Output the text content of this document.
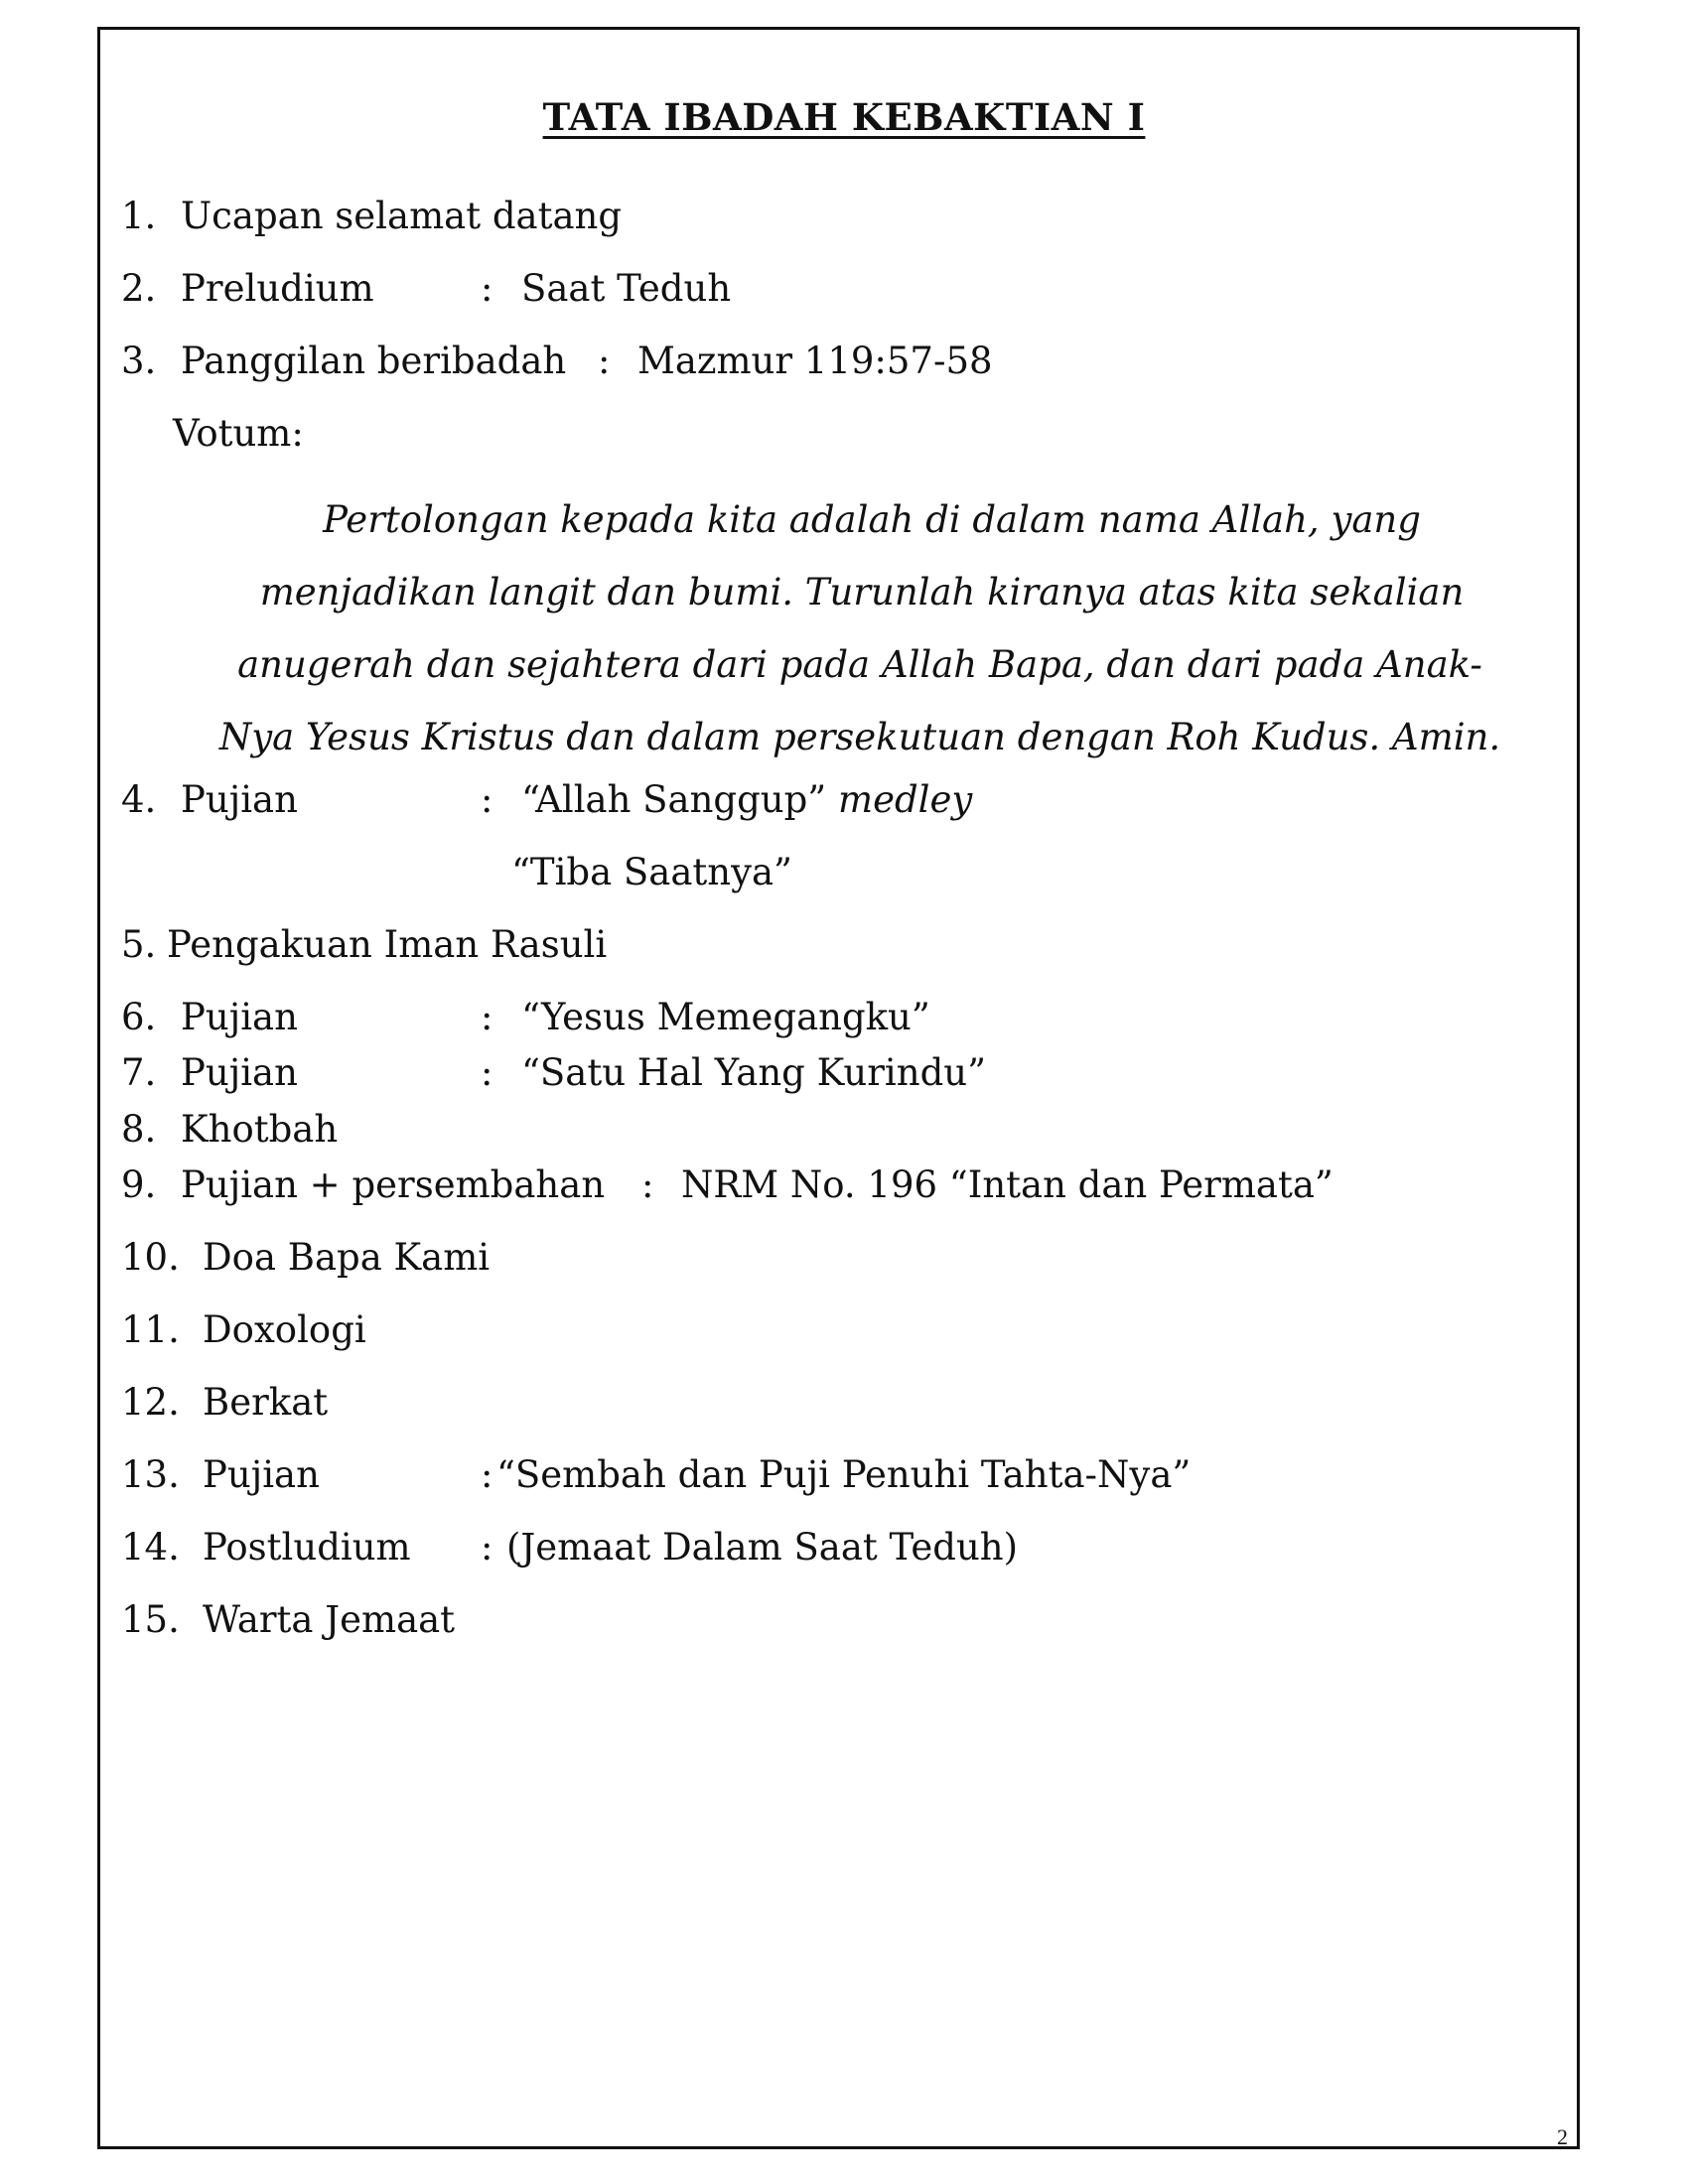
TATA IBADAH KEBAKTIAN I
1. Ucapan selamat datang
2. Preludium	: Saat Teduh
3. Panggilan beribadah : Mazmur 119:57-58
Votum:
Pertolongan kepada kita adalah di dalam nama Allah, yang
menjadikan langit dan bumi. Turunlah kiranya atas kita sekalian
anugerah dan sejahtera dari pada Allah Bapa, dan dari pada Anak-
Nya Yesus Kristus dan dalam persekutuan dengan Roh Kudus. Amin.
4. Pujian	: “Allah Sanggup” medley
“Tiba Saatnya”
5. Pengakuan Iman Rasuli
6. Pujian	: “Yesus Memegangku”
7. Pujian	: “Satu Hal Yang Kurindu”
8. Khotbah
9. Pujian + persembahan : NRM No. 196 “Intan dan Permata”
10. Doa Bapa Kami
11. Doxologi
12. Berkat
13. Pujian	: “Sembah dan Puji Penuhi Tahta-Nya”
14. Postludium : (Jemaat Dalam Saat Teduh)
15. Warta Jemaat
2
